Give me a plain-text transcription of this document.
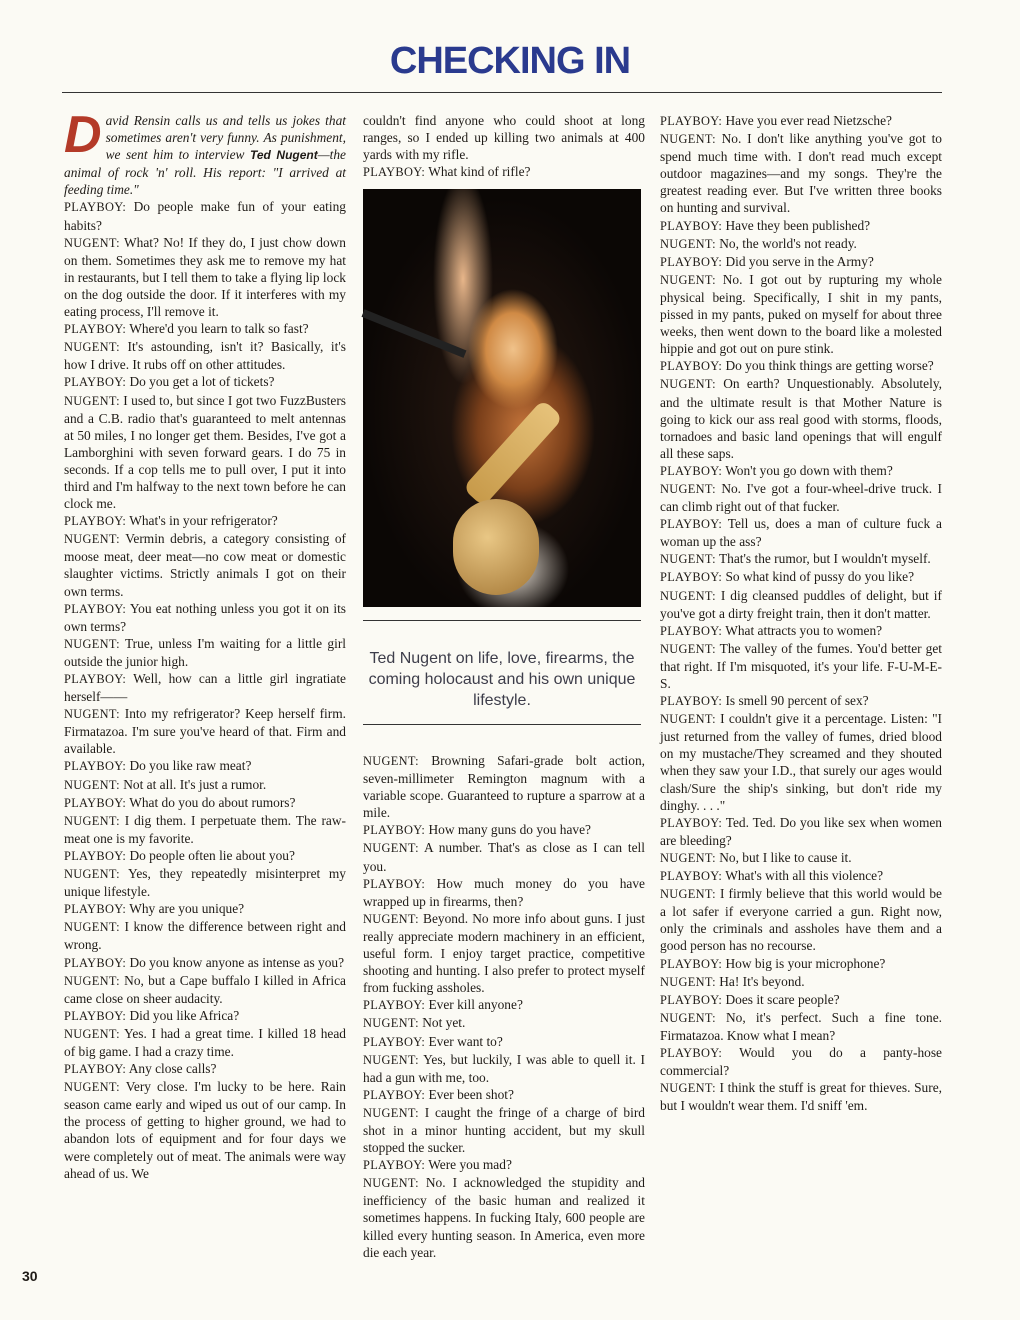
CHECKING IN

David Rensin calls us and tells us jokes that sometimes aren't very funny. As punishment, we sent him to interview Ted Nugent—the animal of rock 'n' roll. His report: "I arrived at feeding time."

PLAYBOY: Do people make fun of your eating habits?

NUGENT: What? No! If they do, I just chow down on them. Sometimes they ask me to remove my hat in restaurants, but I tell them to take a flying lip lock on the dog outside the door. If it interferes with my eating process, I'll remove it.

PLAYBOY: Where'd you learn to talk so fast?

NUGENT: It's astounding, isn't it? Basically, it's how I drive. It rubs off on other attitudes.

PLAYBOY: Do you get a lot of tickets?

NUGENT: I used to, but since I got two FuzzBusters and a C.B. radio that's guaranteed to melt antennas at 50 miles, I no longer get them. Besides, I've got a Lamborghini with seven forward gears. I do 75 in seconds. If a cop tells me to pull over, I put it into third and I'm halfway to the next town before he can clock me.

PLAYBOY: What's in your refrigerator?

NUGENT: Vermin debris, a category consisting of moose meat, deer meat—no cow meat or domestic slaughter victims. Strictly animals I got on their own terms.

PLAYBOY: You eat nothing unless you got it on its own terms?

NUGENT: True, unless I'm waiting for a little girl outside the junior high.

PLAYBOY: Well, how can a little girl ingratiate herself——

NUGENT: Into my refrigerator? Keep herself firm. Firmatazoa. I'm sure you've heard of that. Firm and available.

PLAYBOY: Do you like raw meat?

NUGENT: Not at all. It's just a rumor.

PLAYBOY: What do you do about rumors?

NUGENT: I dig them. I perpetuate them. The raw-meat one is my favorite.

PLAYBOY: Do people often lie about you?

NUGENT: Yes, they repeatedly misinterpret my unique lifestyle.

PLAYBOY: Why are you unique?

NUGENT: I know the difference between right and wrong.

PLAYBOY: Do you know anyone as intense as you?

NUGENT: No, but a Cape buffalo I killed in Africa came close on sheer audacity.

PLAYBOY: Did you like Africa?

NUGENT: Yes. I had a great time. I killed 18 head of big game. I had a crazy time.

PLAYBOY: Any close calls?

NUGENT: Very close. I'm lucky to be here. Rain season came early and wiped us out of our camp. In the process of getting to higher ground, we had to abandon lots of equipment and for four days we were completely out of meat. The animals were way ahead of us. We

couldn't find anyone who could shoot at long ranges, so I ended up killing two animals at 400 yards with my rifle.

PLAYBOY: What kind of rifle?

Ted Nugent on life, love, firearms, the coming holocaust and his own unique lifestyle.

NUGENT: Browning Safari-grade bolt action, seven-millimeter Remington magnum with a variable scope. Guaranteed to rupture a sparrow at a mile.

PLAYBOY: How many guns do you have?

NUGENT: A number. That's as close as I can tell you.

PLAYBOY: How much money do you have wrapped up in firearms, then?

NUGENT: Beyond. No more info about guns. I just really appreciate modern machinery in an efficient, useful form. I enjoy target practice, competitive shooting and hunting. I also prefer to protect myself from fucking assholes.

PLAYBOY: Ever kill anyone?

NUGENT: Not yet.

PLAYBOY: Ever want to?

NUGENT: Yes, but luckily, I was able to quell it. I had a gun with me, too.

PLAYBOY: Ever been shot?

NUGENT: I caught the fringe of a charge of bird shot in a minor hunting accident, but my skull stopped the sucker.

PLAYBOY: Were you mad?

NUGENT: No. I acknowledged the stupidity and inefficiency of the basic human and realized it sometimes happens. In fucking Italy, 600 people are killed every hunting season. In America, even more die each year.

PLAYBOY: Have you ever read Nietzsche?

NUGENT: No. I don't like anything you've got to spend much time with. I don't read much except outdoor magazines—and my songs. They're the greatest reading ever. But I've written three books on hunting and survival.

PLAYBOY: Have they been published?

NUGENT: No, the world's not ready.

PLAYBOY: Did you serve in the Army?

NUGENT: No. I got out by rupturing my whole physical being. Specifically, I shit in my pants, pissed in my pants, puked on myself for about three weeks, then went down to the board like a molested hippie and got out on pure stink.

PLAYBOY: Do you think things are getting worse?

NUGENT: On earth? Unquestionably. Absolutely, and the ultimate result is that Mother Nature is going to kick our ass real good with storms, floods, tornadoes and basic land openings that will engulf all these saps.

PLAYBOY: Won't you go down with them?

NUGENT: No. I've got a four-wheel-drive truck. I can climb right out of that fucker.

PLAYBOY: Tell us, does a man of culture fuck a woman up the ass?

NUGENT: That's the rumor, but I wouldn't myself.

PLAYBOY: So what kind of pussy do you like?

NUGENT: I dig cleansed puddles of delight, but if you've got a dirty freight train, then it don't matter.

PLAYBOY: What attracts you to women?

NUGENT: The valley of the fumes. You'd better get that right. If I'm misquoted, it's your life. F-U-M-E-S.

PLAYBOY: Is smell 90 percent of sex?

NUGENT: I couldn't give it a percentage. Listen: "I just returned from the valley of fumes, dried blood on my mustache/They screamed and they shouted when they saw your I.D., that surely our ages would clash/Sure the ship's sinking, but don't ride my dinghy. . . ."

PLAYBOY: Ted. Ted. Do you like sex when women are bleeding?

NUGENT: No, but I like to cause it.

PLAYBOY: What's with all this violence?

NUGENT: I firmly believe that this world would be a lot safer if everyone carried a gun. Right now, only the criminals and assholes have them and a good person has no recourse.

PLAYBOY: How big is your microphone?

NUGENT: Ha! It's beyond.

PLAYBOY: Does it scare people?

NUGENT: No, it's perfect. Such a fine tone. Firmatazoa. Know what I mean?

PLAYBOY: Would you do a panty-hose commercial?

NUGENT: I think the stuff is great for thieves. Sure, but I wouldn't wear them. I'd sniff 'em.

30
